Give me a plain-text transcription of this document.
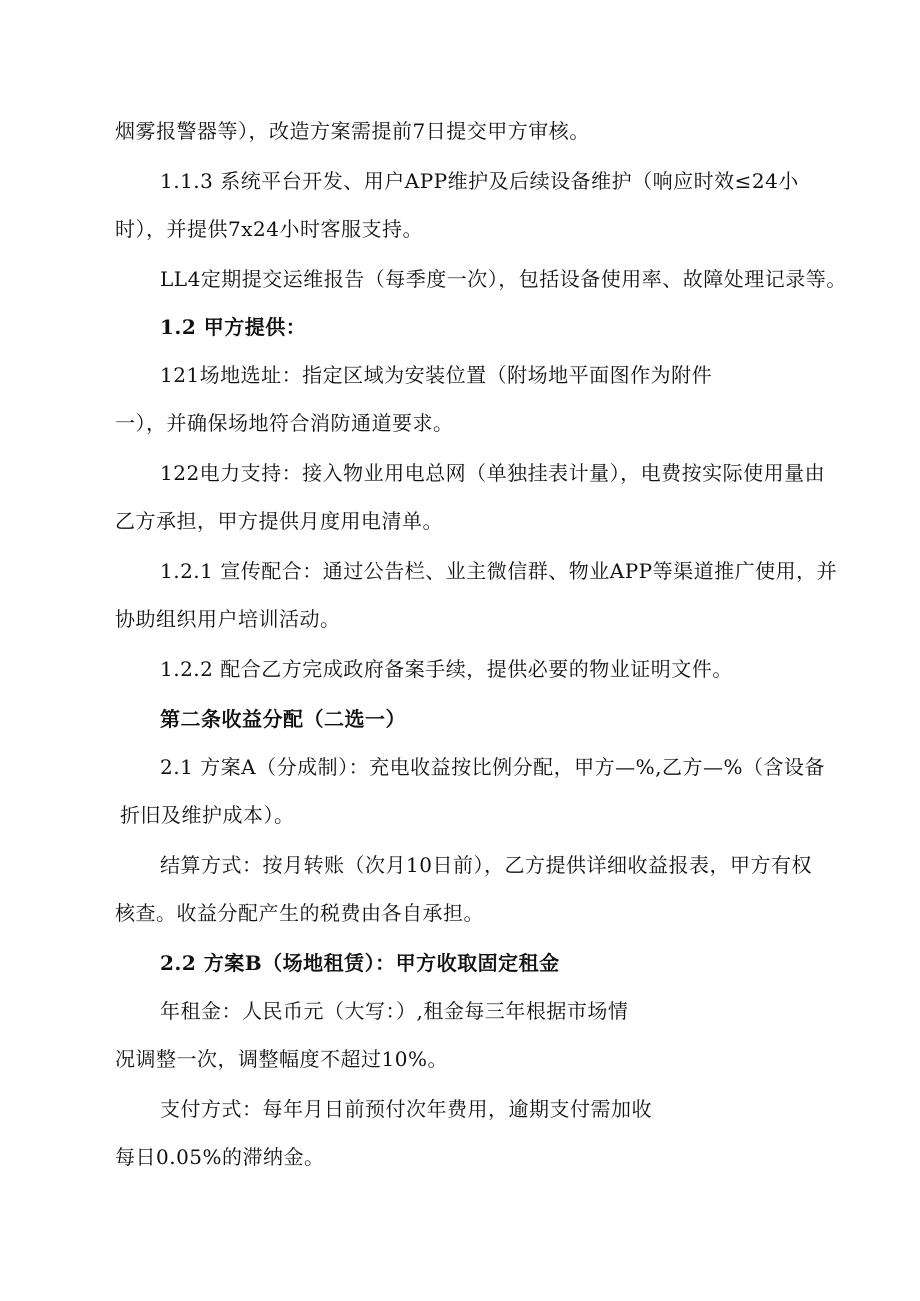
烟雾报警器等），改造方案需提前7日提交甲方审核。
1.1.3 系统平台开发、用户APP维护及后续设备维护（响应时效≤24小
时），并提供7x24小时客服支持。
LL4定期提交运维报告（每季度一次），包括设备使用率、故障处理记录等。
1.2 甲方提供：
121场地选址：指定区域为安装位置（附场地平面图作为附件
一），并确保场地符合消防通道要求。
122电力支持：接入物业用电总网（单独挂表计量），电费按实际使用量由
乙方承担，甲方提供月度用电清单。
1.2.1 宣传配合：通过公告栏、业主微信群、物业APP等渠道推广使用，并
协助组织用户培训活动。
1.2.2 配合乙方完成政府备案手续，提供必要的物业证明文件。
第二条收益分配（二选一）
2.1 方案A（分成制）：充电收益按比例分配，甲方—%,乙方—%（含设备
折旧及维护成本）。
结算方式：按月转账（次月10日前），乙方提供详细收益报表，甲方有权
核查。收益分配产生的税费由各自承担。
2.2 方案B（场地租赁）：甲方收取固定租金
年租金：人民币元（大写：）,租金每三年根据市场情
况调整一次，调整幅度不超过10%。
支付方式：每年月日前预付次年费用，逾期支付需加收
每日0.05%的滞纳金。
